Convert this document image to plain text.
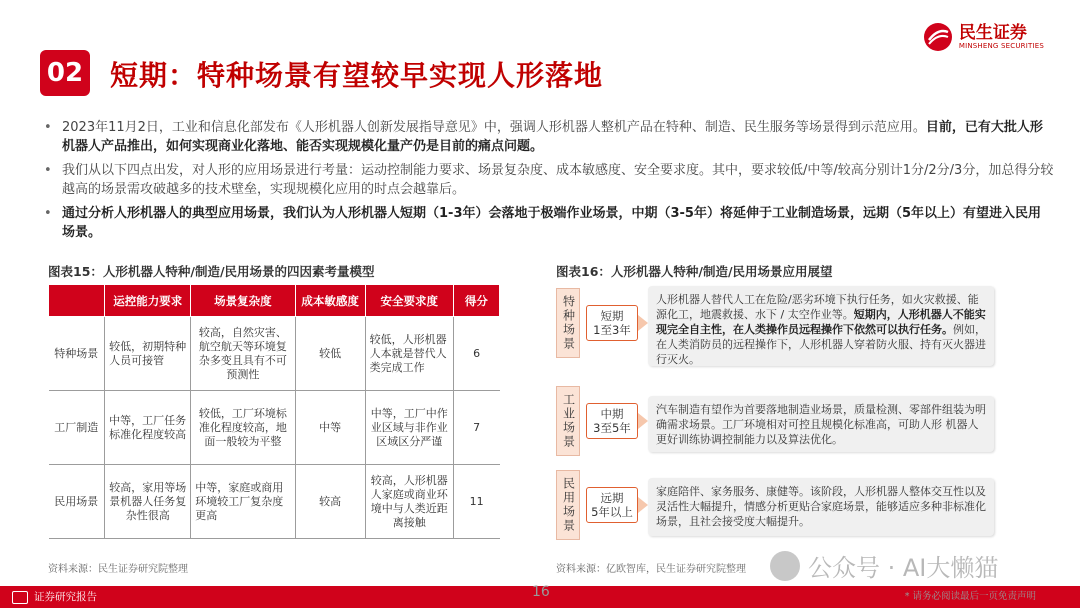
02 短期：特种场景有望较早实现人形落地
民生证券
MINSHENG SECURITIES
• 2023年11月2日，工业和信息化部发布《人形机器人创新发展指导意见》中，强调人形机器人整机产品在特种、制造、民生服务等场景得到示范应用。目前，已有大批人形机器人产品推出，如何实现商业化落地、能否实现规模化量产仍是目前的痛点问题。
• 我们从以下四点出发，对人形的应用场景进行考量：运动控制能力要求、场景复杂度、成本敏感度、安全要求度。其中，要求较低/中等/较高分别计1分/2分/3分，加总得分较越高的场景需攻破越多的技术壁垒，实现规模化应用的时点会越靠后。
• 通过分析人形机器人的典型应用场景，我们认为人形机器人短期（1-3年）会落地于极端作业场景，中期（3-5年）将延伸于工业制造场景，远期（5年以上）有望进入民用场景。
图表15：人形机器人特种/制造/民用场景的四因素考量模型
	运控能力要求	场景复杂度	成本敏感度	安全要求度	得分
特种场景	较低，初期特种人员可接管	较高，自然灾害、航空航天等环境复杂多变且具有不可预测性	较低	较低，人形机器人本就是替代人类完成工作	6
工厂制造	中等，工厂任务标准化程度较高	较低，工厂环境标准化程度较高，地面一般较为平整	中等	中等，工厂中作业区域与非作业区域区分严谨	7
民用场景	较高，家用等场景机器人任务复杂性很高	中等，家庭或商用环境较工厂复杂度更高	较高	较高，人形机器人家庭或商业环境中与人类近距离接触	11
资料来源：民生证券研究院整理
图表16：人形机器人特种/制造/民用场景应用展望
特种场景	短期
1至3年
人形机器人替代人工在危险/恶劣环境下执行任务，如火灾救援、能源化工，地震救援、水下 / 太空作业等。短期内，人形机器人不能实现完全自主性，在人类操作员远程操作下依然可以执行任务。例如，在人类消防员的远程操作下，人形机器人穿着防火服、持有灭火器进行灭火。
工业场景	中期
3至5年
汽车制造有望作为首要落地制造业场景，质量检测、零部件组装为明确需求场景。工厂环境相对可控且规模化标准高，可助人形 机器人更好训练协调控制能力以及算法优化。
民用场景	远期
5年以上
家庭陪伴、家务服务、康健等。该阶段，人形机器人整体交互性以及灵活性大幅提升，情感分析更贴合家庭场景，能够适应多种非标准化场景，且社会接受度大幅提升。
资料来源：亿欧智库，民生证券研究院整理	公众号 · AI大懒猫
证券研究报告	16	* 请务必阅读最后一页免责声明
